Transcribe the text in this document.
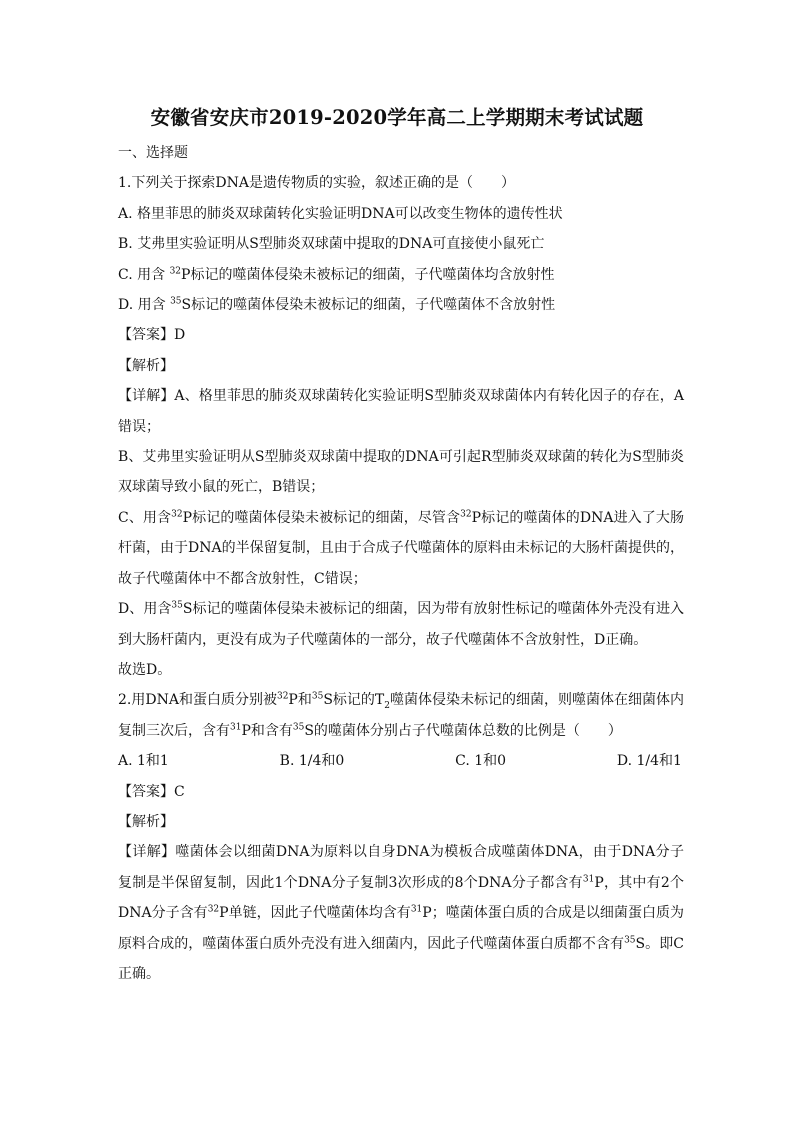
安徽省安庆市2019-2020学年高二上学期期末考试试题
一、选择题
1.下列关于探索DNA是遗传物质的实验，叙述正确的是（　　）
A. 格里菲思的肺炎双球菌转化实验证明DNA可以改变生物体的遗传性状
B. 艾弗里实验证明从S型肺炎双球菌中提取的DNA可直接使小鼠死亡
C. 用含 $^{32}$P标记的噬菌体侵染未被标记的细菌，子代噬菌体均含放射性
D. 用含 $^{35}$S标记的噬菌体侵染未被标记的细菌，子代噬菌体不含放射性
【答案】D
【解析】
【详解】A、格里菲思的肺炎双球菌转化实验证明S型肺炎双球菌体内有转化因子的存在，A错误；
B、艾弗里实验证明从S型肺炎双球菌中提取的DNA可引起R型肺炎双球菌的转化为S型肺炎双球菌导致小鼠的死亡，B错误；
C、用含$^{32}$P标记的噬菌体侵染未被标记的细菌，尽管含$^{32}$P标记的噬菌体的DNA进入了大肠杆菌，由于DNA的半保留复制，且由于合成子代噬菌体的原料由未标记的大肠杆菌提供的，故子代噬菌体中不都含放射性，C错误；
D、用含$^{35}$S标记的噬菌体侵染未被标记的细菌，因为带有放射性标记的噬菌体外壳没有进入到大肠杆菌内，更没有成为子代噬菌体的一部分，故子代噬菌体不含放射性，D正确。
故选D。
2.用DNA和蛋白质分别被$^{32}$P和$^{35}$S标记的$T_2$噬菌体侵染未标记的细菌，则噬菌体在细菌体内复制三次后，含有$^{31}$P和含有$^{35}$S的噬菌体分别占子代噬菌体总数的比例是（　　）
A. 1和1	B. 1/4和0	C. 1和0	D. 1/4和1
【答案】C
【解析】
【详解】噬菌体会以细菌DNA为原料以自身DNA为模板合成噬菌体DNA，由于DNA分子复制是半保留复制，因此1个DNA分子复制3次形成的8个DNA分子都含有$^{31}$P，其中有2个DNA分子含有$^{32}$P单链，因此子代噬菌体均含有$^{31}$P；噬菌体蛋白质的合成是以细菌蛋白质为原料合成的，噬菌体蛋白质外壳没有进入细菌内，因此子代噬菌体蛋白质都不含有$^{35}$S。即C正确。
